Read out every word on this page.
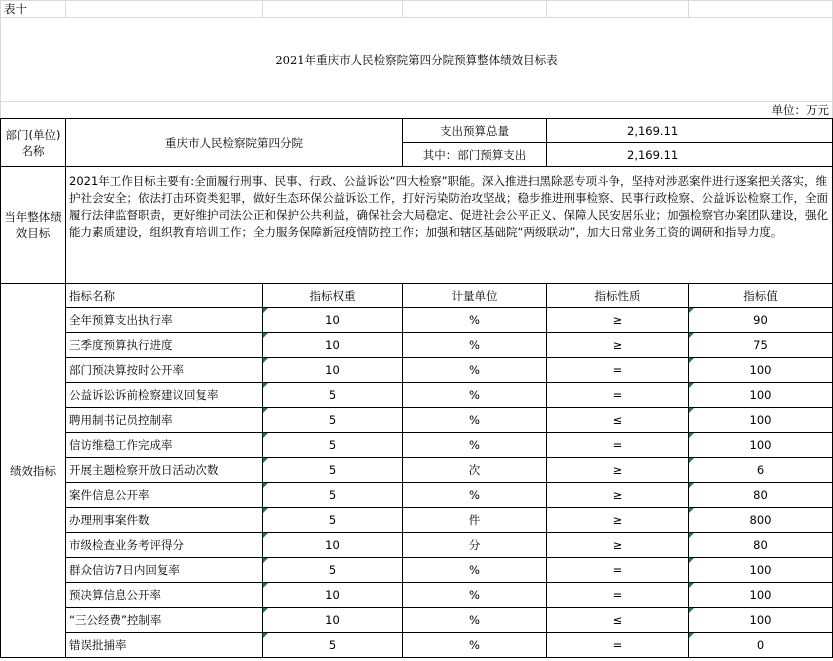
表十					
2021年重庆市人民检察院第四分院预算整体绩效目标表					
单位：万元					
部门(单位)名称	重庆市人民检察院第四分院		支出预算总量	2,169.11	
			其中：部门预算支出	2,169.11	
当年整体绩效目标	2021年工作目标主要有:全面履行刑事、民事、行政、公益诉讼“四大检察”职能。深入推进扫黑除恶专项斗争，坚持对涉恶案件进行逐案把关落实，维护社会安全；依法打击环资类犯罪，做好生态环保公益诉讼工作，打好污染防治攻坚战；稳步推进刑事检察、民事行政检察、公益诉讼检察工作，全面履行法律监督职责，更好维护司法公正和保护公共利益，确保社会大局稳定、促进社会公平正义、保障人民安居乐业；加强检察官办案团队建设，强化能力素质建设，组织教育培训工作；全力服务保障新冠疫情防控工作；加强和辖区基础院“两级联动”，加大日常业务工资的调研和指导力度。				
绩效指标	指标名称	指标权重	计量单位	指标性质	指标值
	全年预算支出执行率	10	%	≥	90
	三季度预算执行进度	10	%	≥	75
	部门预决算按时公开率	10	%	=	100
	公益诉讼诉前检察建议回复率	5	%	=	100
	聘用制书记员控制率	5	%	≤	100
	信访维稳工作完成率	5	%	=	100
	开展主题检察开放日活动次数	5	次	≥	6
	案件信息公开率	5	%	≥	80
	办理刑事案件数	5	件	≥	800
	市级检查业务考评得分	10	分	≥	80
	群众信访7日内回复率	5	%	=	100
	预决算信息公开率	10	%	=	100
	“三公经费”控制率	10	%	≤	100
	错误批捕率	5	%	=	0
